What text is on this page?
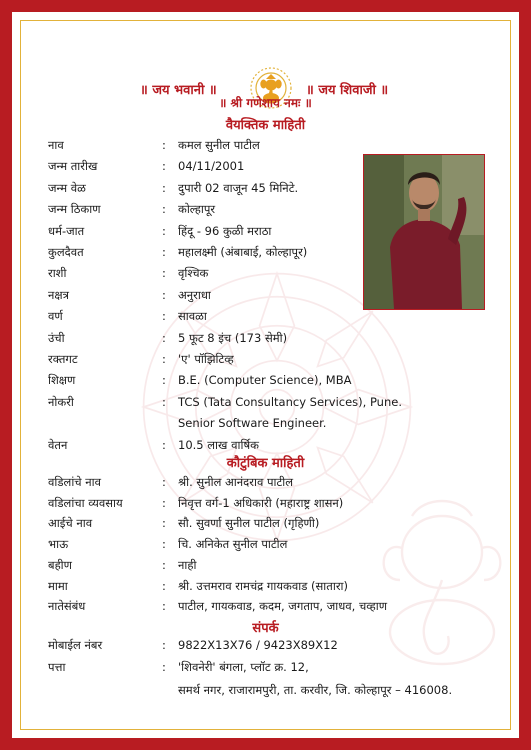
॥ जय भवानी ॥	॥ जय शिवाजी ॥
॥ श्री गणेशाय नमः ॥
वैयक्तिक माहिती
नाव	: कमल सुनील पाटील
जन्म तारीख	: 04/11/2001
जन्म वेळ	: दुपारी 02 वाजून 45 मिनिटे.
जन्म ठिकाण	: कोल्हापूर
धर्म-जात	: हिंदू - 96 कुळी मराठा
कुलदैवत	: महालक्ष्मी (अंबाबाई, कोल्हापूर)
राशी	: वृश्चिक
नक्षत्र	: अनुराधा
वर्ण	: सावळा
उंची	: 5 फूट 8 इंच (173 सेमी)
रक्तगट	: 'ए' पॉझिटिव्ह
शिक्षण	: B.E. (Computer Science), MBA
नोकरी	: TCS (Tata Consultancy Services), Pune.
Senior Software Engineer.
वेतन	: 10.5 लाख वार्षिक
कौटुंबिक माहिती
वडिलांचे नाव	: श्री. सुनील आनंदराव पाटील
वडिलांचा व्यवसाय	: निवृत्त वर्ग-1 अधिकारी (महाराष्ट्र शासन)
आईचे नाव	: सौ. सुवर्णा सुनील पाटील (गृहिणी)
भाऊ	: चि. अनिकेत सुनील पाटील
बहीण	: नाही
मामा	: श्री. उत्तमराव रामचंद्र गायकवाड (सातारा)
नातेसंबंध	: पाटील, गायकवाड, कदम, जगताप, जाधव, चव्हाण
संपर्क
मोबाईल नंबर	: 9822X13X76 / 9423X89X12
पत्ता	: 'शिवनेरी' बंगला, प्लॉट क्र. 12,
समर्थ नगर, राजारामपुरी, ता. करवीर, जि. कोल्हापूर – 416008.
